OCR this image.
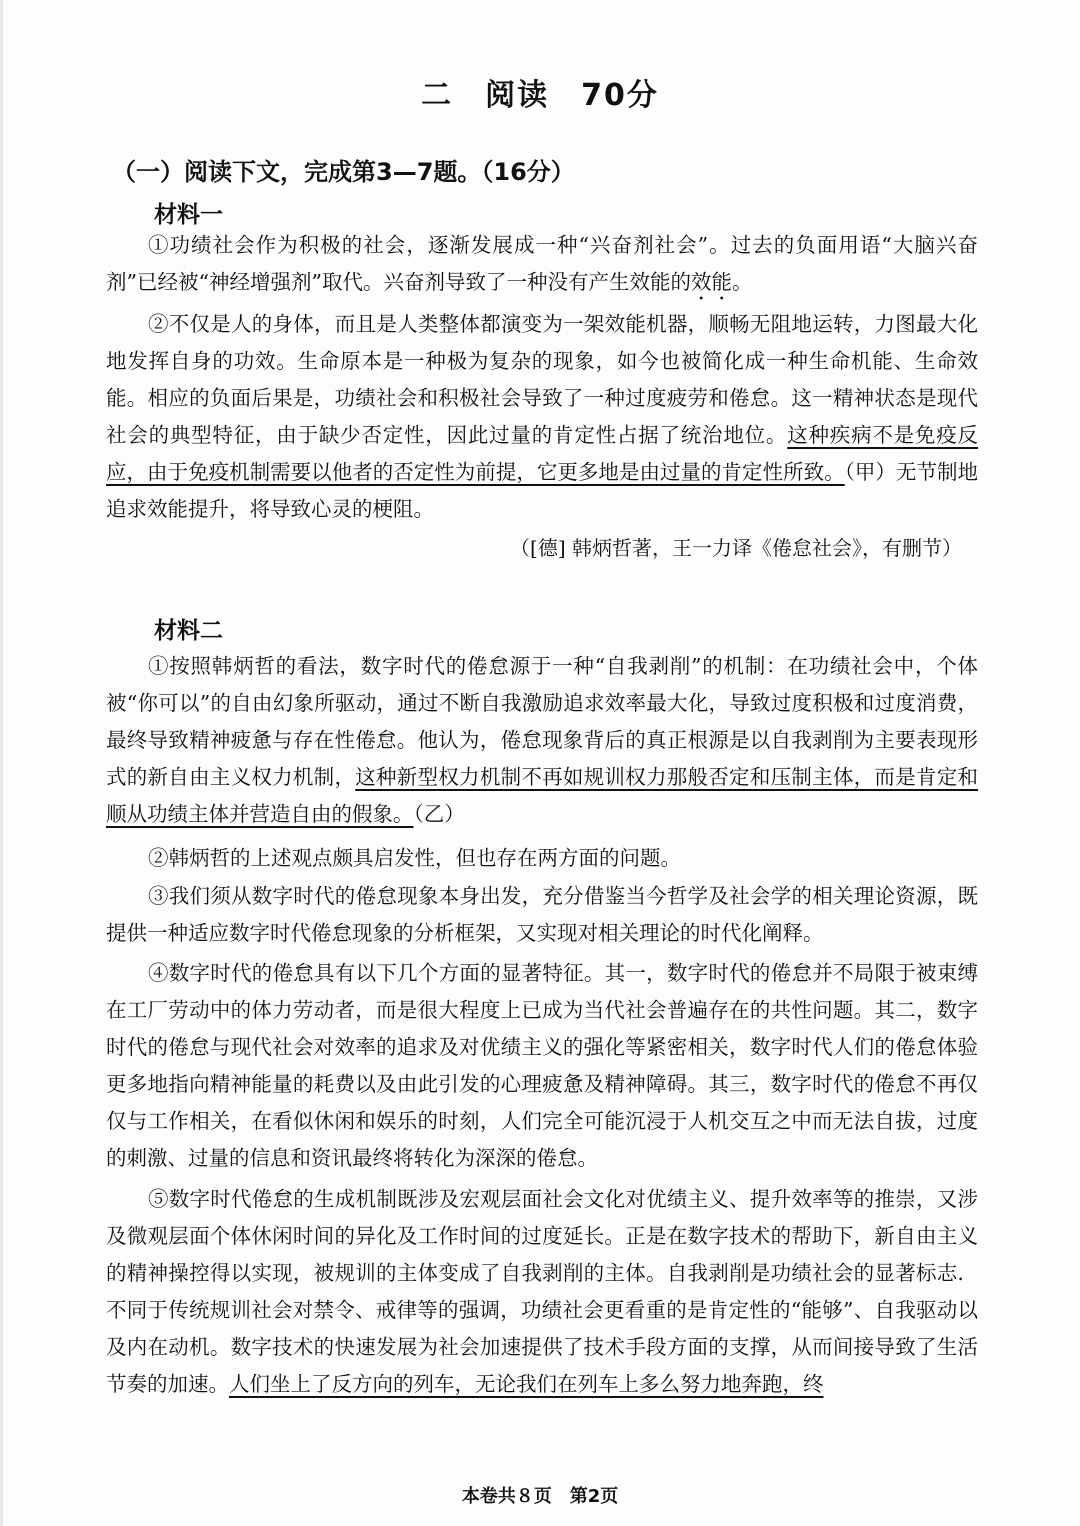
二　阅读　70分
（一）阅读下文，完成第3—7题。（16分）
材料一

①功绩社会作为积极的社会，逐渐发展成一种“兴奋剂社会”。过去的负面用语“大脑兴奋剂”已经被“神经增强剂”取代。兴奋剂导致了一种没有产生效能的效能。

②不仅是人的身体，而且是人类整体都演变为一架效能机器，顺畅无阻地运转，力图最大化地发挥自身的功效。生命原本是一种极为复杂的现象，如今也被简化成一种生命机能、生命效能。相应的负面后果是，功绩社会和积极社会导致了一种过度疲劳和倦怠。这一精神状态是现代社会的典型特征，由于缺少否定性，因此过量的肯定性占据了统治地位。这种疾病不是免疫反应，由于免疫机制需要以他者的否定性为前提，它更多地是由过量的肯定性所致。（甲）无节制地追求效能提升，将导致心灵的梗阻。

（[德] 韩炳哲著，王一力译《倦怠社会》，有删节）
材料二

①按照韩炳哲的看法，数字时代的倦怠源于一种“自我剥削”的机制：在功绩社会中，个体被“你可以”的自由幻象所驱动，通过不断自我激励追求效率最大化，导致过度积极和过度消费，最终导致精神疲惫与存在性倦怠。他认为，倦怠现象背后的真正根源是以自我剥削为主要表现形式的新自由主义权力机制，这种新型权力机制不再如规训权力那般否定和压制主体，而是肯定和顺从功绩主体并营造自由的假象。（乙）

②韩炳哲的上述观点颇具启发性，但也存在两方面的问题。

③我们须从数字时代的倦怠现象本身出发，充分借鉴当今哲学及社会学的相关理论资源，既提供一种适应数字时代倦怠现象的分析框架，又实现对相关理论的时代化阐释。

④数字时代的倦怠具有以下几个方面的显著特征。其一，数字时代的倦怠并不局限于被束缚在工厂劳动中的体力劳动者，而是很大程度上已成为当代社会普遍存在的共性问题。其二，数字时代的倦怠与现代社会对效率的追求及对优绩主义的强化等紧密相关，数字时代人们的倦怠体验更多地指向精神能量的耗费以及由此引发的心理疲惫及精神障碍。其三，数字时代的倦怠不再仅仅与工作相关，在看似休闲和娱乐的时刻，人们完全可能沉浸于人机交互之中而无法自拔，过度的刺激、过量的信息和资讯最终将转化为深深的倦怠。

⑤数字时代倦怠的生成机制既涉及宏观层面社会文化对优绩主义、提升效率等的推崇，又涉及微观层面个体休闲时间的异化及工作时间的过度延长。正是在数字技术的帮助下，新自由主义的精神操控得以实现，被规训的主体变成了自我剥削的主体。自我剥削是功绩社会的显著标志．不同于传统规训社会对禁令、戒律等的强调，功绩社会更看重的是肯定性的“能够”、自我驱动以及内在动机。数字技术的快速发展为社会加速提供了技术手段方面的支撑，从而间接导致了生活节奏的加速。人们坐上了反方向的列车，无论我们在列车上多么努力地奔跑，终

本卷共８页　第2页
